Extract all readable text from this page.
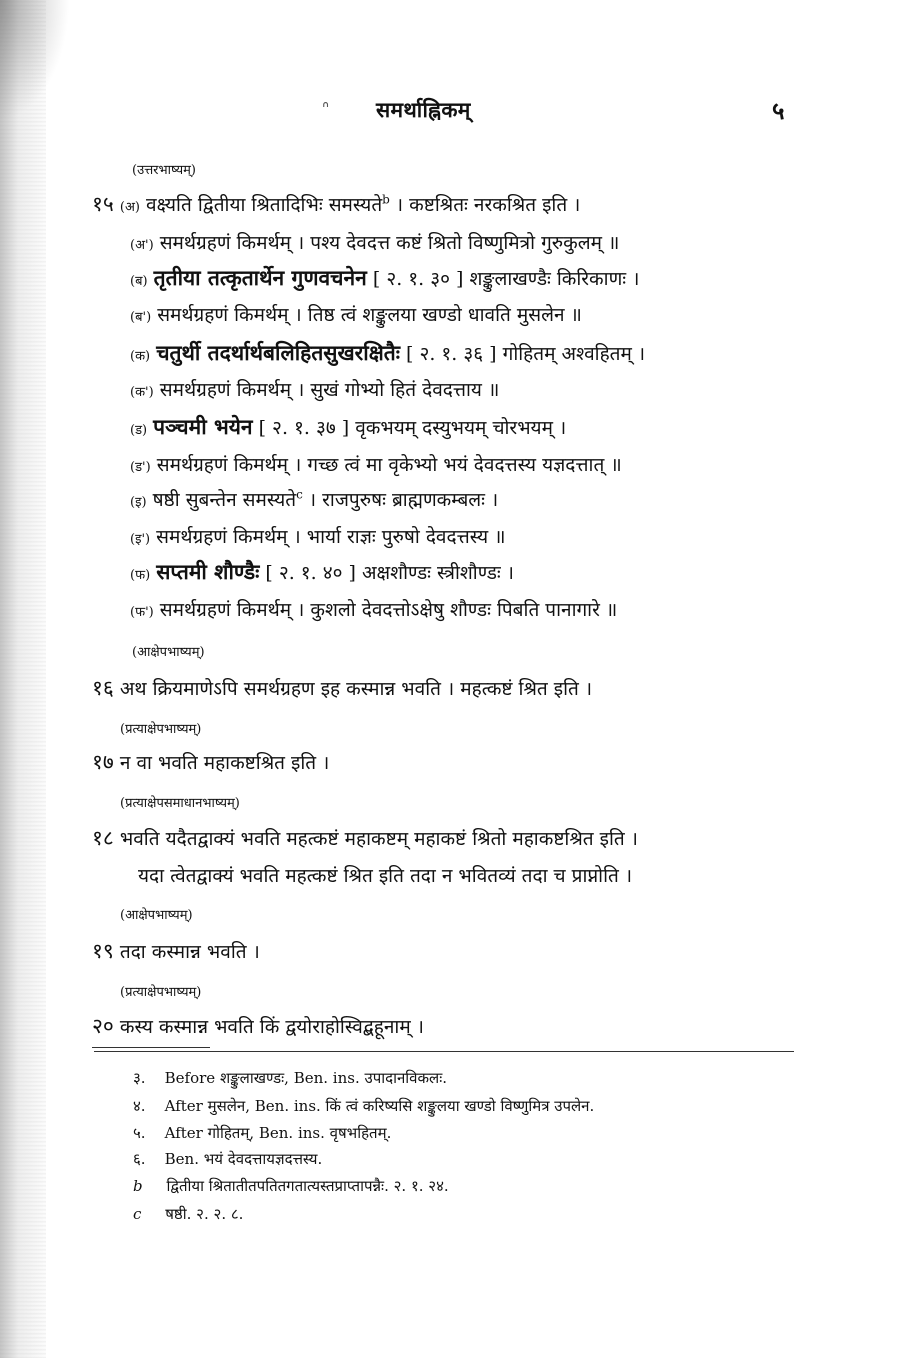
ᐢ समर्थाह्निकम्	५
(उत्तरभाष्यम्)
१५ (अ) वक्ष्यति द्वितीया श्रितादिभिः समस्यते$^b$ । कष्टश्रितः नरकश्रित इति ।
(अ') समर्थग्रहणं किमर्थम् । पश्य देवदत्त कष्टं श्रितो विष्णुमित्रो गुरुकुलम् ॥
(ब) तृतीया तत्कृतार्थेन गुणवचनेन [ २. १. ३० ] शङ्कुलाखण्डैः किरिकाणः ।
(ब') समर्थग्रहणं किमर्थम् । तिष्ठ त्वं शङ्कुलया खण्डो धावति मुसलेन ॥
(क) चतुर्थी तदर्थार्थबलिहितसुखरक्षितैः [ २. १. ३६ ] गोहितम् अश्वहितम् ।
(क') समर्थग्रहणं किमर्थम् । सुखं गोभ्यो हितं देवदत्ताय ॥
(ड) पञ्चमी भयेन [ २. १. ३७ ] वृकभयम् दस्युभयम् चोरभयम् ।
(ड') समर्थग्रहणं किमर्थम् । गच्छ त्वं मा वृकेभ्यो भयं देवदत्तस्य यज्ञदत्तात् ॥
(इ) षष्ठी सुबन्तेन समस्यते$^c$ । राजपुरुषः ब्राह्मणकम्बलः ।
(इ') समर्थग्रहणं किमर्थम् । भार्या राज्ञः पुरुषो देवदत्तस्य ॥
(फ) सप्तमी शौण्डैः [ २. १. ४० ] अक्षशौण्डः स्त्रीशौण्डः ।
(फ') समर्थग्रहणं किमर्थम् । कुशलो देवदत्तोऽक्षेषु शौण्डः पिबति पानागारे ॥
(आक्षेपभाष्यम्)
१६ अथ क्रियमाणेऽपि समर्थग्रहण इह कस्मान्न भवति । महत्कष्टं श्रित इति ।
(प्रत्याक्षेपभाष्यम्)
१७ न वा भवति महाकष्टश्रित इति ।
(प्रत्याक्षेपसमाधानभाष्यम्)
१८ भवति यदैतद्वाक्यं भवति महत्कष्टं महाकष्टम् महाकष्टं श्रितो महाकष्टश्रित इति ।
यदा त्वेतद्वाक्यं भवति महत्कष्टं श्रित इति तदा न भवितव्यं तदा च प्राप्नोति ।
(आक्षेपभाष्यम्)
१९ तदा कस्मान्न भवति ।
(प्रत्याक्षेपभाष्यम्)
२० कस्य कस्मान्न भवति किं द्वयोराहोस्विद्बहूनाम् ।
३. Before शङ्कुलाखण्डः, Ben. ins. उपादानविकलः.
४. After मुसलेन, Ben. ins. किं त्वं करिष्यसि शङ्कुलया खण्डो विष्णुमित्र उपलेन.
५. After गोहितम्, Ben. ins. वृषभहितम्.
६. Ben. भयं देवदत्तायज्ञदत्तस्य.
b द्वितीया श्रितातीतपतितगतात्यस्तप्राप्तापन्नैः. २. १. २४.
c षष्ठी. २. २. ८.
